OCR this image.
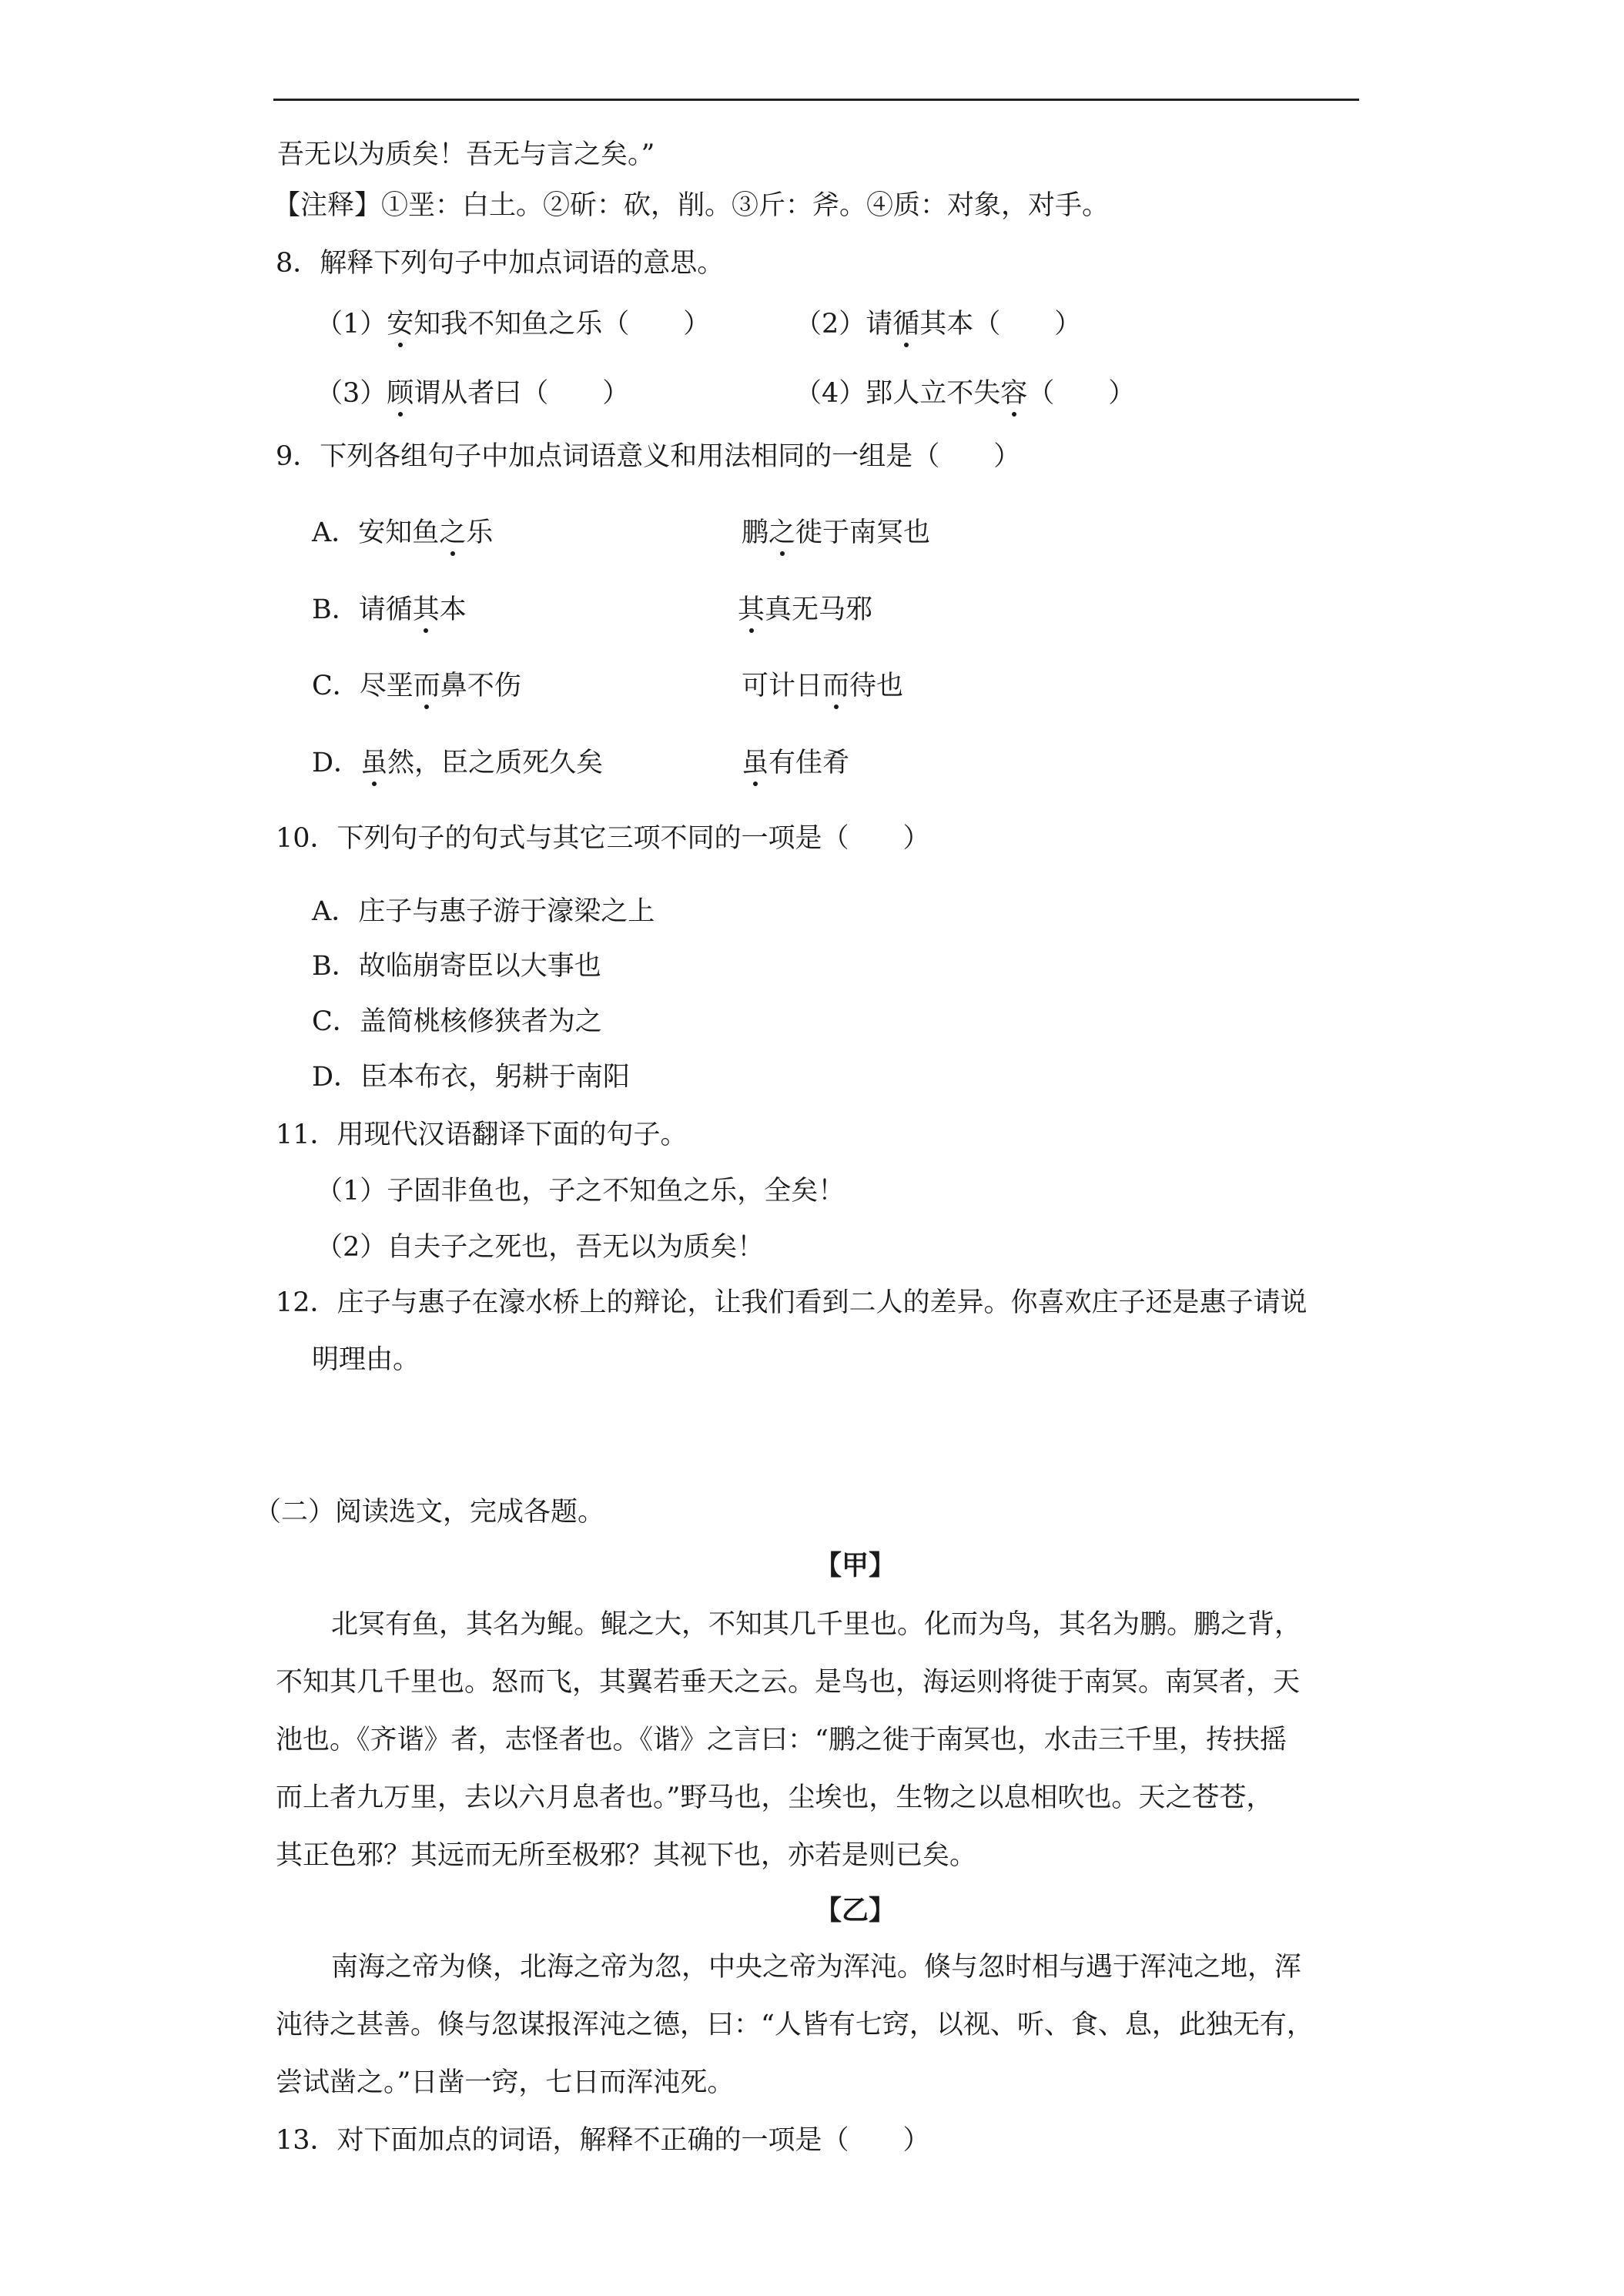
吾无以为质矣！吾无与言之矣。”
【注释】①垩：白土。②斫：砍，削。③斤：斧。④质：对象，对手。
8．解释下列句子中加点词语的意思。
（1）安知我不知鱼之乐（　　）	（2）请循其本（　　）
（3）顾谓从者曰（　　）	（4）郢人立不失容（　　）
9．下列各组句子中加点词语意义和用法相同的一组是（　　）
A．安知鱼之乐	鹏之徙于南冥也
B．请循其本	其真无马邪
C．尽垩而鼻不伤	可计日而待也
D．虽然，臣之质死久矣	虽有佳肴
10．下列句子的句式与其它三项不同的一项是（　　）
A．庄子与惠子游于濠梁之上
B．故临崩寄臣以大事也
C．盖简桃核修狭者为之
D．臣本布衣，躬耕于南阳
11．用现代汉语翻译下面的句子。
（1）子固非鱼也，子之不知鱼之乐，全矣！
（2）自夫子之死也，吾无以为质矣！
12．庄子与惠子在濠水桥上的辩论，让我们看到二人的差异。你喜欢庄子还是惠子请说
明理由。
（二）阅读选文，完成各题。
【甲】
北冥有鱼，其名为鲲。鲲之大，不知其几千里也。化而为鸟，其名为鹏。鹏之背，
不知其几千里也。怒而飞，其翼若垂天之云。是鸟也，海运则将徙于南冥。南冥者，天
池也。《齐谐》者，志怪者也。《谐》之言曰：“鹏之徙于南冥也，水击三千里，抟扶摇
而上者九万里，去以六月息者也。”野马也，尘埃也，生物之以息相吹也。天之苍苍，
其正色邪？其远而无所至极邪？其视下也，亦若是则已矣。
【乙】
南海之帝为倏，北海之帝为忽，中央之帝为浑沌。倏与忽时相与遇于浑沌之地，浑
沌待之甚善。倏与忽谋报浑沌之德，曰：“人皆有七窍，以视、听、食、息，此独无有，
尝试凿之。”日凿一窍，七日而浑沌死。
13．对下面加点的词语，解释不正确的一项是（　　）
